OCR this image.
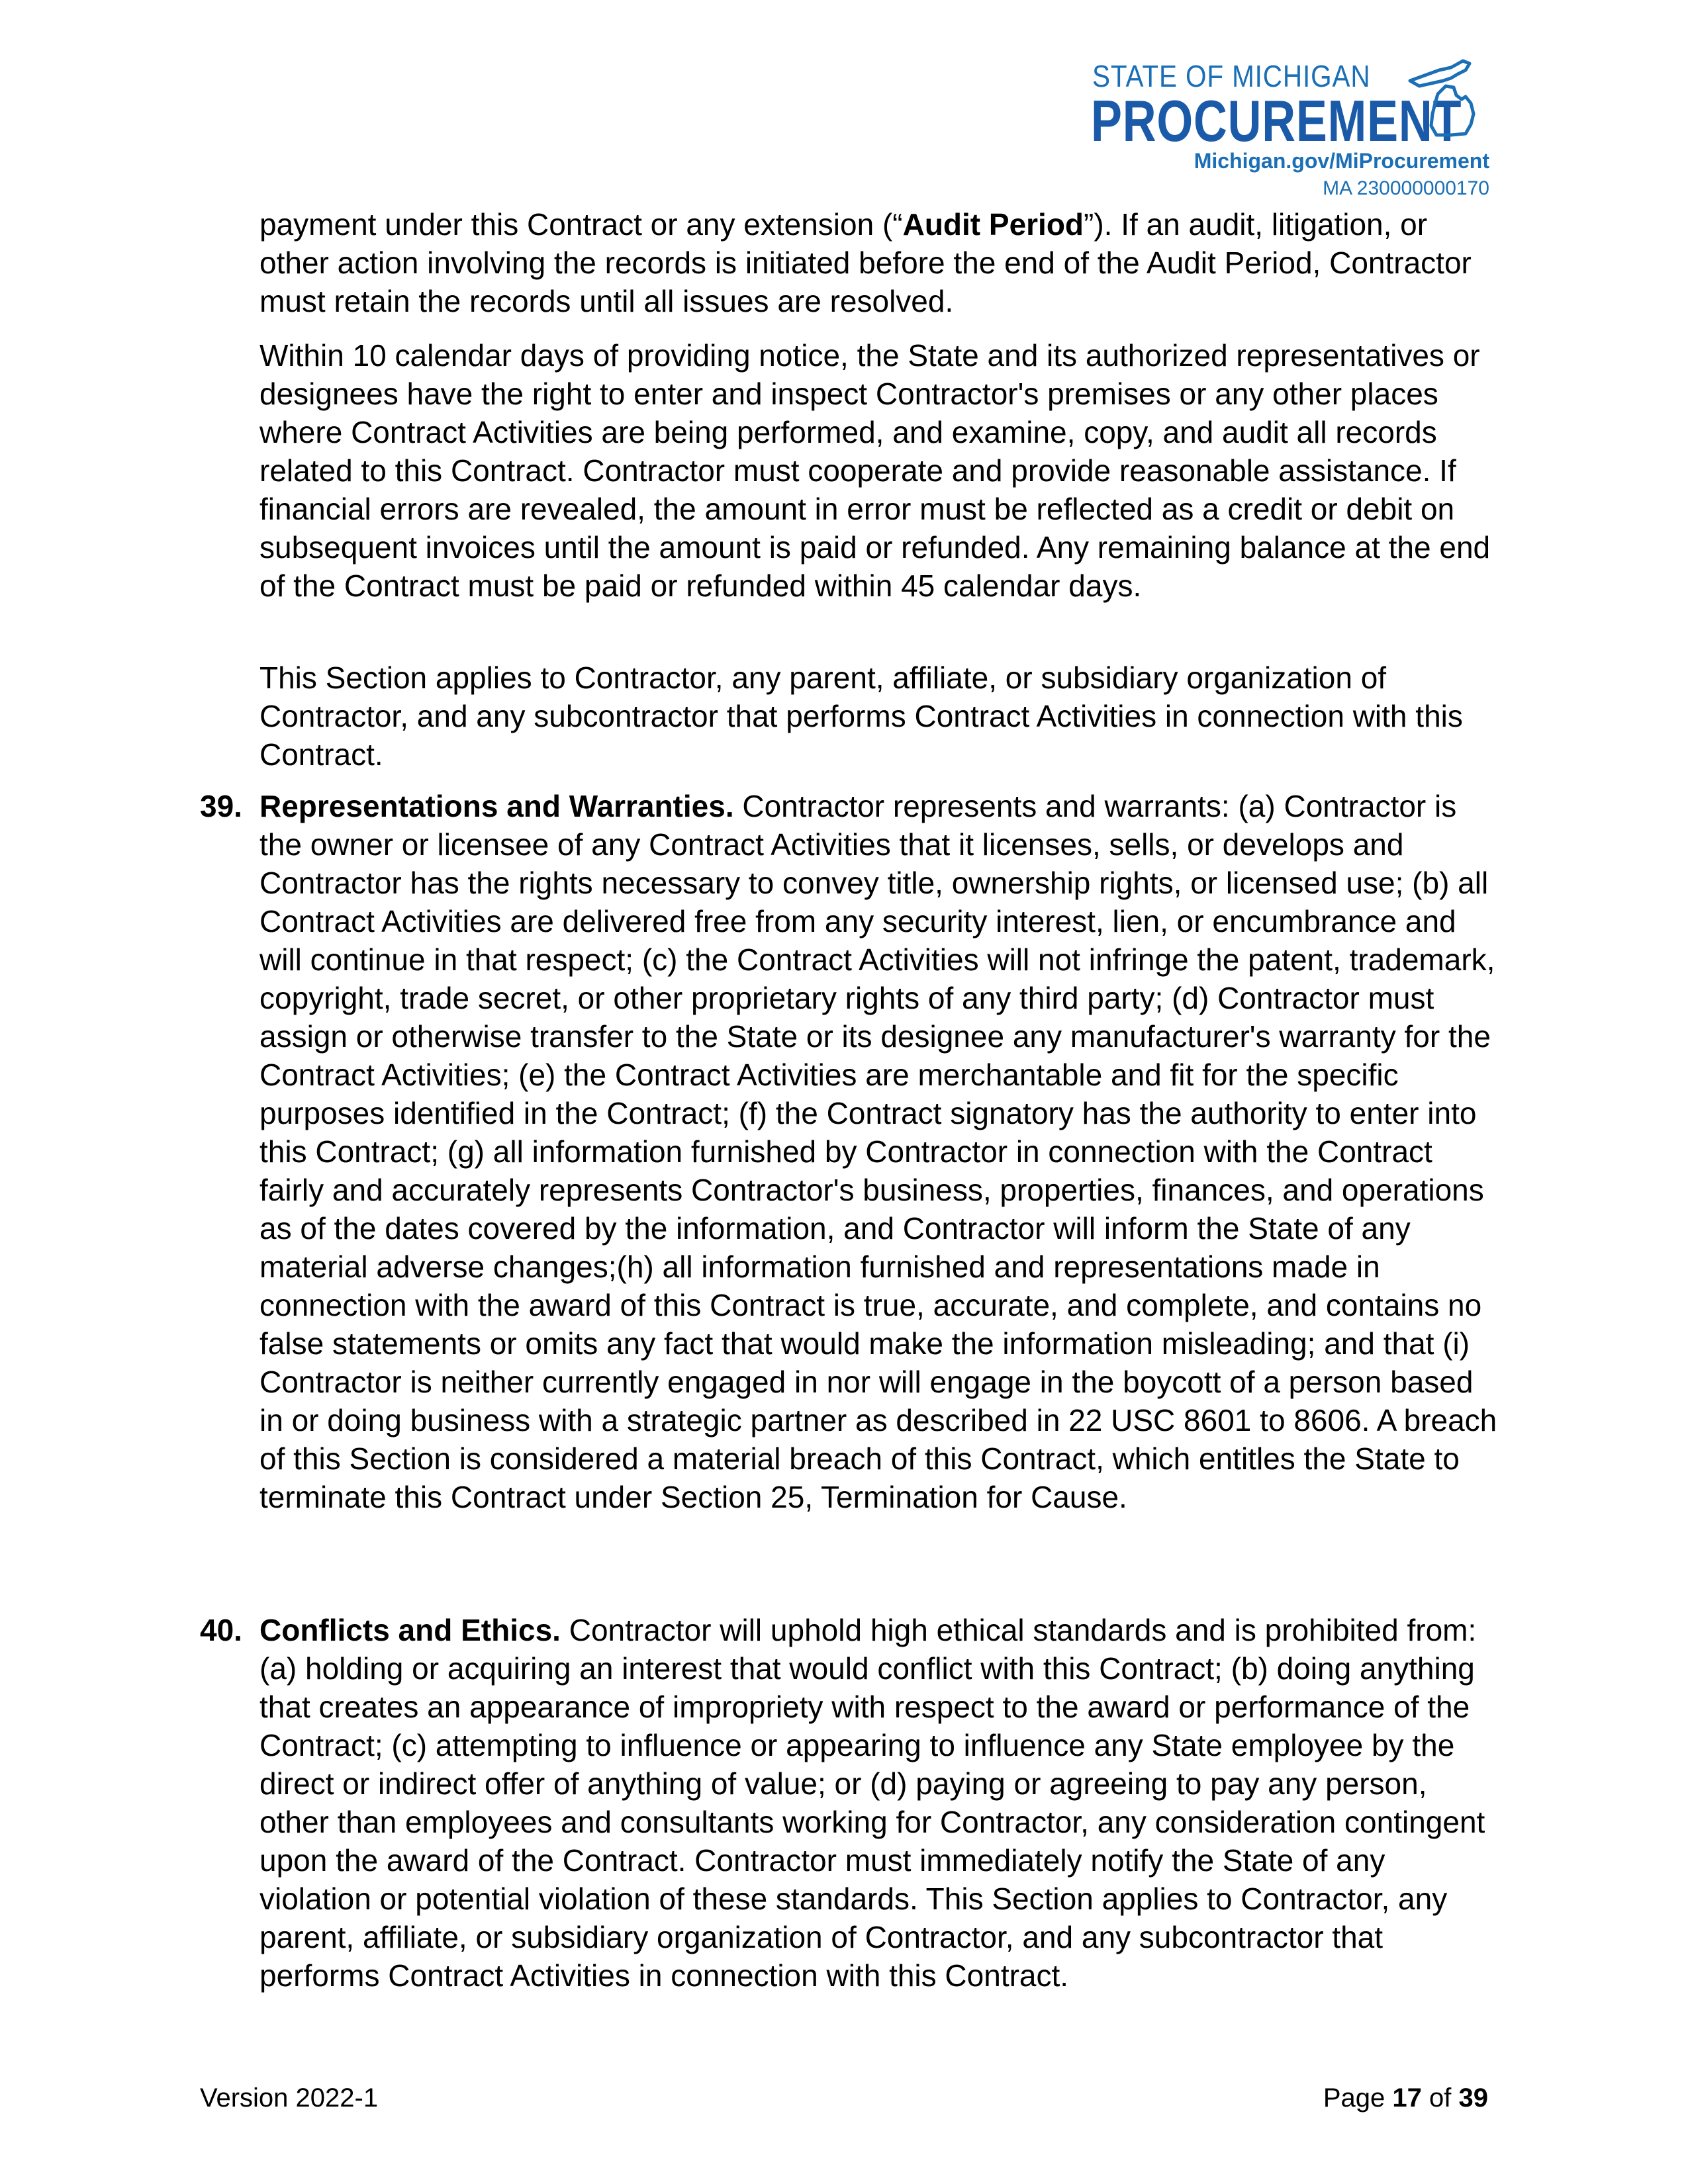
STATE OF MICHIGAN
PROCUREMENT
Michigan.gov/MiProcurement
MA 230000000170

payment under this Contract or any extension (“Audit Period”). If an audit, litigation, or other action involving the records is initiated before the end of the Audit Period, Contractor must retain the records until all issues are resolved.

Within 10 calendar days of providing notice, the State and its authorized representatives or designees have the right to enter and inspect Contractor's premises or any other places where Contract Activities are being performed, and examine, copy, and audit all records related to this Contract. Contractor must cooperate and provide reasonable assistance. If financial errors are revealed, the amount in error must be reflected as a credit or debit on subsequent invoices until the amount is paid or refunded. Any remaining balance at the end of the Contract must be paid or refunded within 45 calendar days.

This Section applies to Contractor, any parent, affiliate, or subsidiary organization of Contractor, and any subcontractor that performs Contract Activities in connection with this Contract.

39. Representations and Warranties. Contractor represents and warrants: (a) Contractor is the owner or licensee of any Contract Activities that it licenses, sells, or develops and Contractor has the rights necessary to convey title, ownership rights, or licensed use; (b) all Contract Activities are delivered free from any security interest, lien, or encumbrance and will continue in that respect; (c) the Contract Activities will not infringe the patent, trademark, copyright, trade secret, or other proprietary rights of any third party; (d) Contractor must assign or otherwise transfer to the State or its designee any manufacturer's warranty for the Contract Activities; (e) the Contract Activities are merchantable and fit for the specific purposes identified in the Contract; (f) the Contract signatory has the authority to enter into this Contract; (g) all information furnished by Contractor in connection with the Contract fairly and accurately represents Contractor's business, properties, finances, and operations as of the dates covered by the information, and Contractor will inform the State of any material adverse changes;(h) all information furnished and representations made in connection with the award of this Contract is true, accurate, and complete, and contains no false statements or omits any fact that would make the information misleading; and that (i) Contractor is neither currently engaged in nor will engage in the boycott of a person based in or doing business with a strategic partner as described in 22 USC 8601 to 8606. A breach of this Section is considered a material breach of this Contract, which entitles the State to terminate this Contract under Section 25, Termination for Cause.

40. Conflicts and Ethics. Contractor will uphold high ethical standards and is prohibited from: (a) holding or acquiring an interest that would conflict with this Contract; (b) doing anything that creates an appearance of impropriety with respect to the award or performance of the Contract; (c) attempting to influence or appearing to influence any State employee by the direct or indirect offer of anything of value; or (d) paying or agreeing to pay any person, other than employees and consultants working for Contractor, any consideration contingent upon the award of the Contract. Contractor must immediately notify the State of any violation or potential violation of these standards. This Section applies to Contractor, any parent, affiliate, or subsidiary organization of Contractor, and any subcontractor that performs Contract Activities in connection with this Contract.

Version 2022-1	Page 17 of 39
